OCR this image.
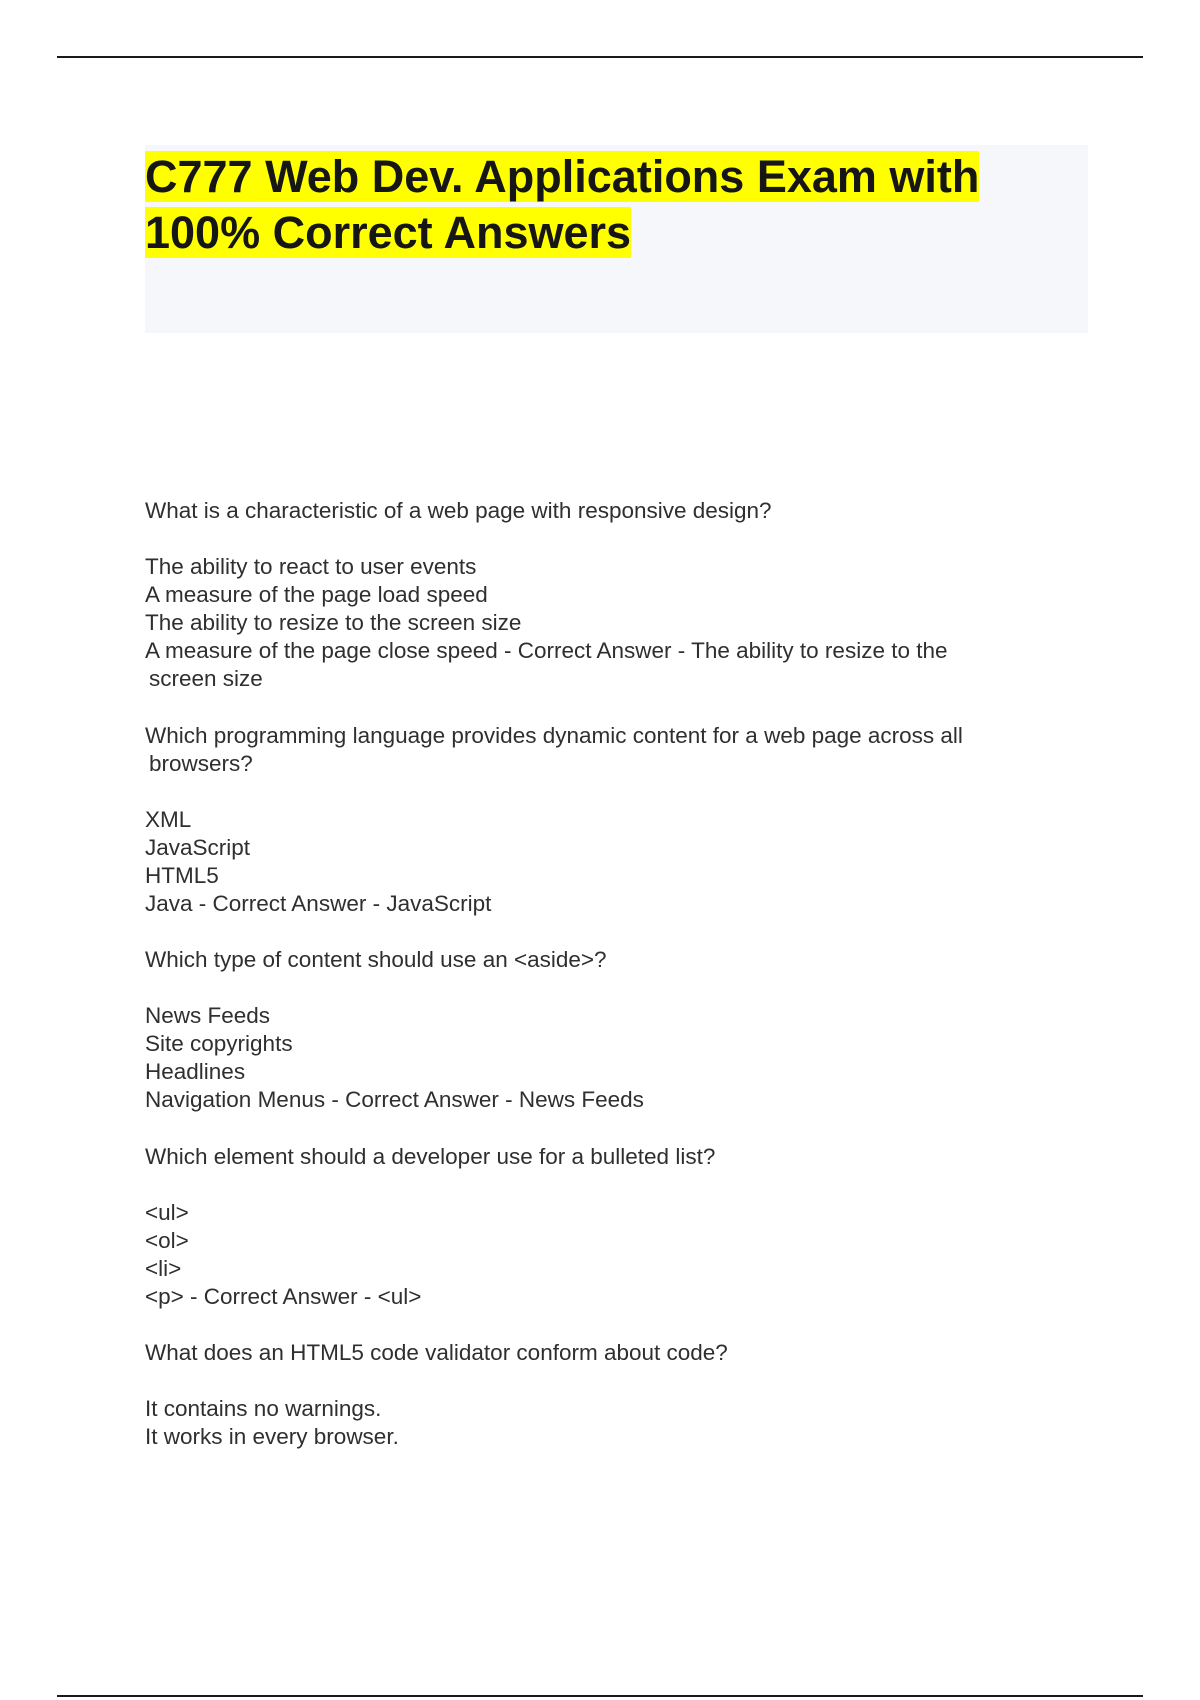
C777 Web Dev. Applications Exam with
100% Correct Answers
What is a characteristic of a web page with responsive design?
The ability to react to user events
A measure of the page load speed
The ability to resize to the screen size
A measure of the page close speed - Correct Answer - The ability to resize to the
screen size
Which programming language provides dynamic content for a web page across all
browsers?
XML
JavaScript
HTML5
Java - Correct Answer - JavaScript
Which type of content should use an <aside>?
News Feeds
Site copyrights
Headlines
Navigation Menus - Correct Answer - News Feeds
Which element should a developer use for a bulleted list?
<ul>
<ol>
<li>
<p> - Correct Answer - <ul>
What does an HTML5 code validator conform about code?
It contains no warnings.
It works in every browser.
